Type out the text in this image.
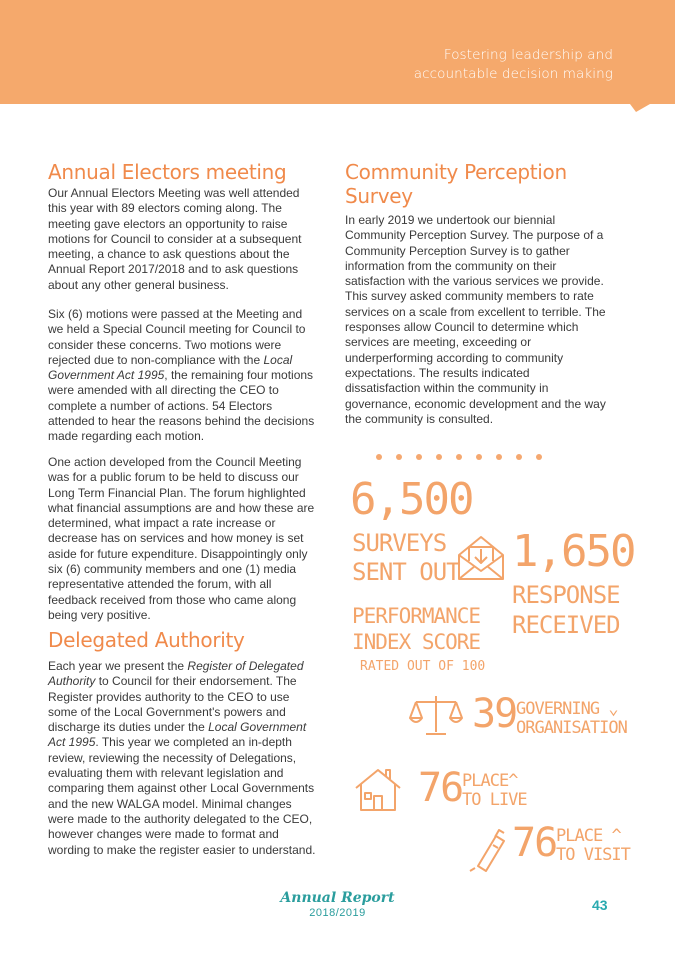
Fostering leadership and
accountable decision making
Annual Electors meeting

Our Annual Electors Meeting was well attended this year with 89 electors coming along. The meeting gave electors an opportunity to raise motions for Council to consider at a subsequent meeting, a chance to ask questions about the Annual Report 2017/2018 and to ask questions about any other general business.

Six (6) motions were passed at the Meeting and we held a Special Council meeting for Council to consider these concerns. Two motions were rejected due to non-compliance with the Local Government Act 1995, the remaining four motions were amended with all directing the CEO to complete a number of actions. 54 Electors attended to hear the reasons behind the decisions made regarding each motion.

One action developed from the Council Meeting was for a public forum to be held to discuss our Long Term Financial Plan. The forum highlighted what financial assumptions are and how these are determined, what impact a rate increase or decrease has on services and how money is set aside for future expenditure. Disappointingly only six (6) community members and one (1) media representative attended the forum, with all feedback received from those who came along being very positive.

Delegated Authority

Each year we present the Register of Delegated Authority to Council for their endorsement. The Register provides authority to the CEO to use some of the Local Government's powers and discharge its duties under the Local Government Act 1995. This year we completed an in-depth review, reviewing the necessity of Delegations, evaluating them with relevant legislation and comparing them against other Local Governments and the new WALGA model. Minimal changes were made to the authority delegated to the CEO, however changes were made to format and wording to make the register easier to understand.

Community Perception
Survey

In early 2019 we undertook our biennial Community Perception Survey. The purpose of a Community Perception Survey is to gather information from the community on their satisfaction with the various services we provide. This survey asked community members to rate services on a scale from excellent to terrible. The responses allow Council to determine which services are meeting, exceeding or underperforming according to community expectations. The results indicated dissatisfaction within the community in governance, economic development and the way the community is consulted.

6,500
SURVEYS
SENT OUT 1,650
RESPONSE
RECEIVED
PERFORMANCE
INDEX SCORE
RATED OUT OF 100
39 GOVERNING ⌄
ORGANISATION
76 PLACE^
TO LIVE
76 PLACE ^
TO VISIT
Annual Report
2018/2019	43
